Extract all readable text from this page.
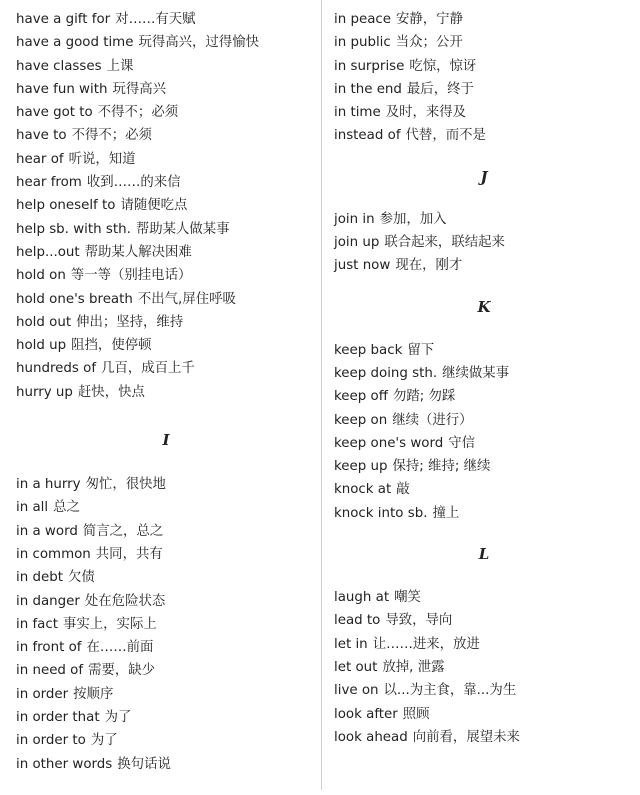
have a gift for 对……有天赋
have a good time 玩得高兴，过得愉快
have classes 上课
have fun with 玩得高兴
have got to 不得不；必须
have to 不得不；必须
hear of 听说，知道
hear from 收到……的来信
help oneself to 请随便吃点
help sb. with sth. 帮助某人做某事
help...out 帮助某人解决困难
hold on 等一等（别挂电话）
hold one's breath 不出气,屏住呼吸
hold out 伸出；坚持，维持
hold up 阻挡，使停顿
hundreds of 几百，成百上千
hurry up 赶快，快点
I
in a hurry 匆忙，很快地
in all 总之
in a word 简言之，总之
in common 共同，共有
in debt 欠债
in danger 处在危险状态
in fact 事实上，实际上
in front of 在……前面
in need of 需要，缺少
in order 按顺序
in order that 为了
in order to 为了
in other words 换句话说
in peace 安静，宁静
in public 当众；公开
in surprise 吃惊，惊讶
in the end 最后，终于
in time 及时，来得及
instead of 代替，而不是
J
join in 参加，加入
join up 联合起来，联结起来
just now 现在，刚才
K
keep back 留下
keep doing sth. 继续做某事
keep off 勿踏; 勿踩
keep on 继续（进行）
keep one's word 守信
keep up 保持; 维持; 继续
knock at 敲
knock into sb. 撞上
L
laugh at 嘲笑
lead to 导致，导向
let in 让……进来，放进
let out 放掉, 泄露
live on 以...为主食，靠...为生
look after 照顾
look ahead 向前看，展望未来
